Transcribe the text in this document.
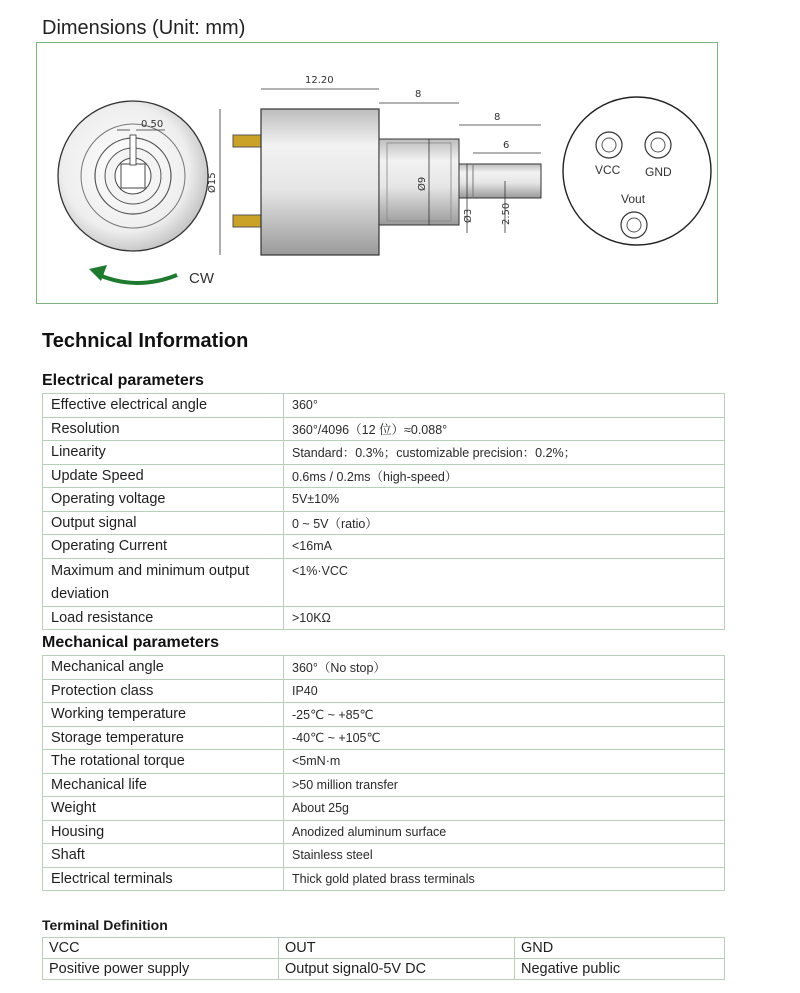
Dimensions (Unit: mm)
0.50
CW
Ø15
12.20
8
8
6
Ø9
Ø3	2.50
VCC GND
Vout
Technical Information
Electrical parameters
Effective electrical angle	360°
Resolution	360°/4096（12 位）≈0.088°
Linearity	Standard：0.3%；customizable precision：0.2%；
Update Speed	0.6ms / 0.2ms（high-speed）
Operating voltage	5V±10%
Output signal	0 ~ 5V（ratio）
Operating Current	<16mA
Maximum and minimum output deviation	<1%·VCC
Load resistance	>10KΩ
Mechanical parameters
Mechanical angle	360°（No stop）
Protection class	IP40
Working temperature	-25℃ ~ +85℃
Storage temperature	-40℃ ~ +105℃
The rotational torque	<5mN·m
Mechanical life	>50 million transfer
Weight	About 25g
Housing	Anodized aluminum surface
Shaft	Stainless steel
Electrical terminals	Thick gold plated brass terminals
Terminal Definition
VCC	OUT	GND
Positive power supply	Output signal0-5V DC	Negative public
